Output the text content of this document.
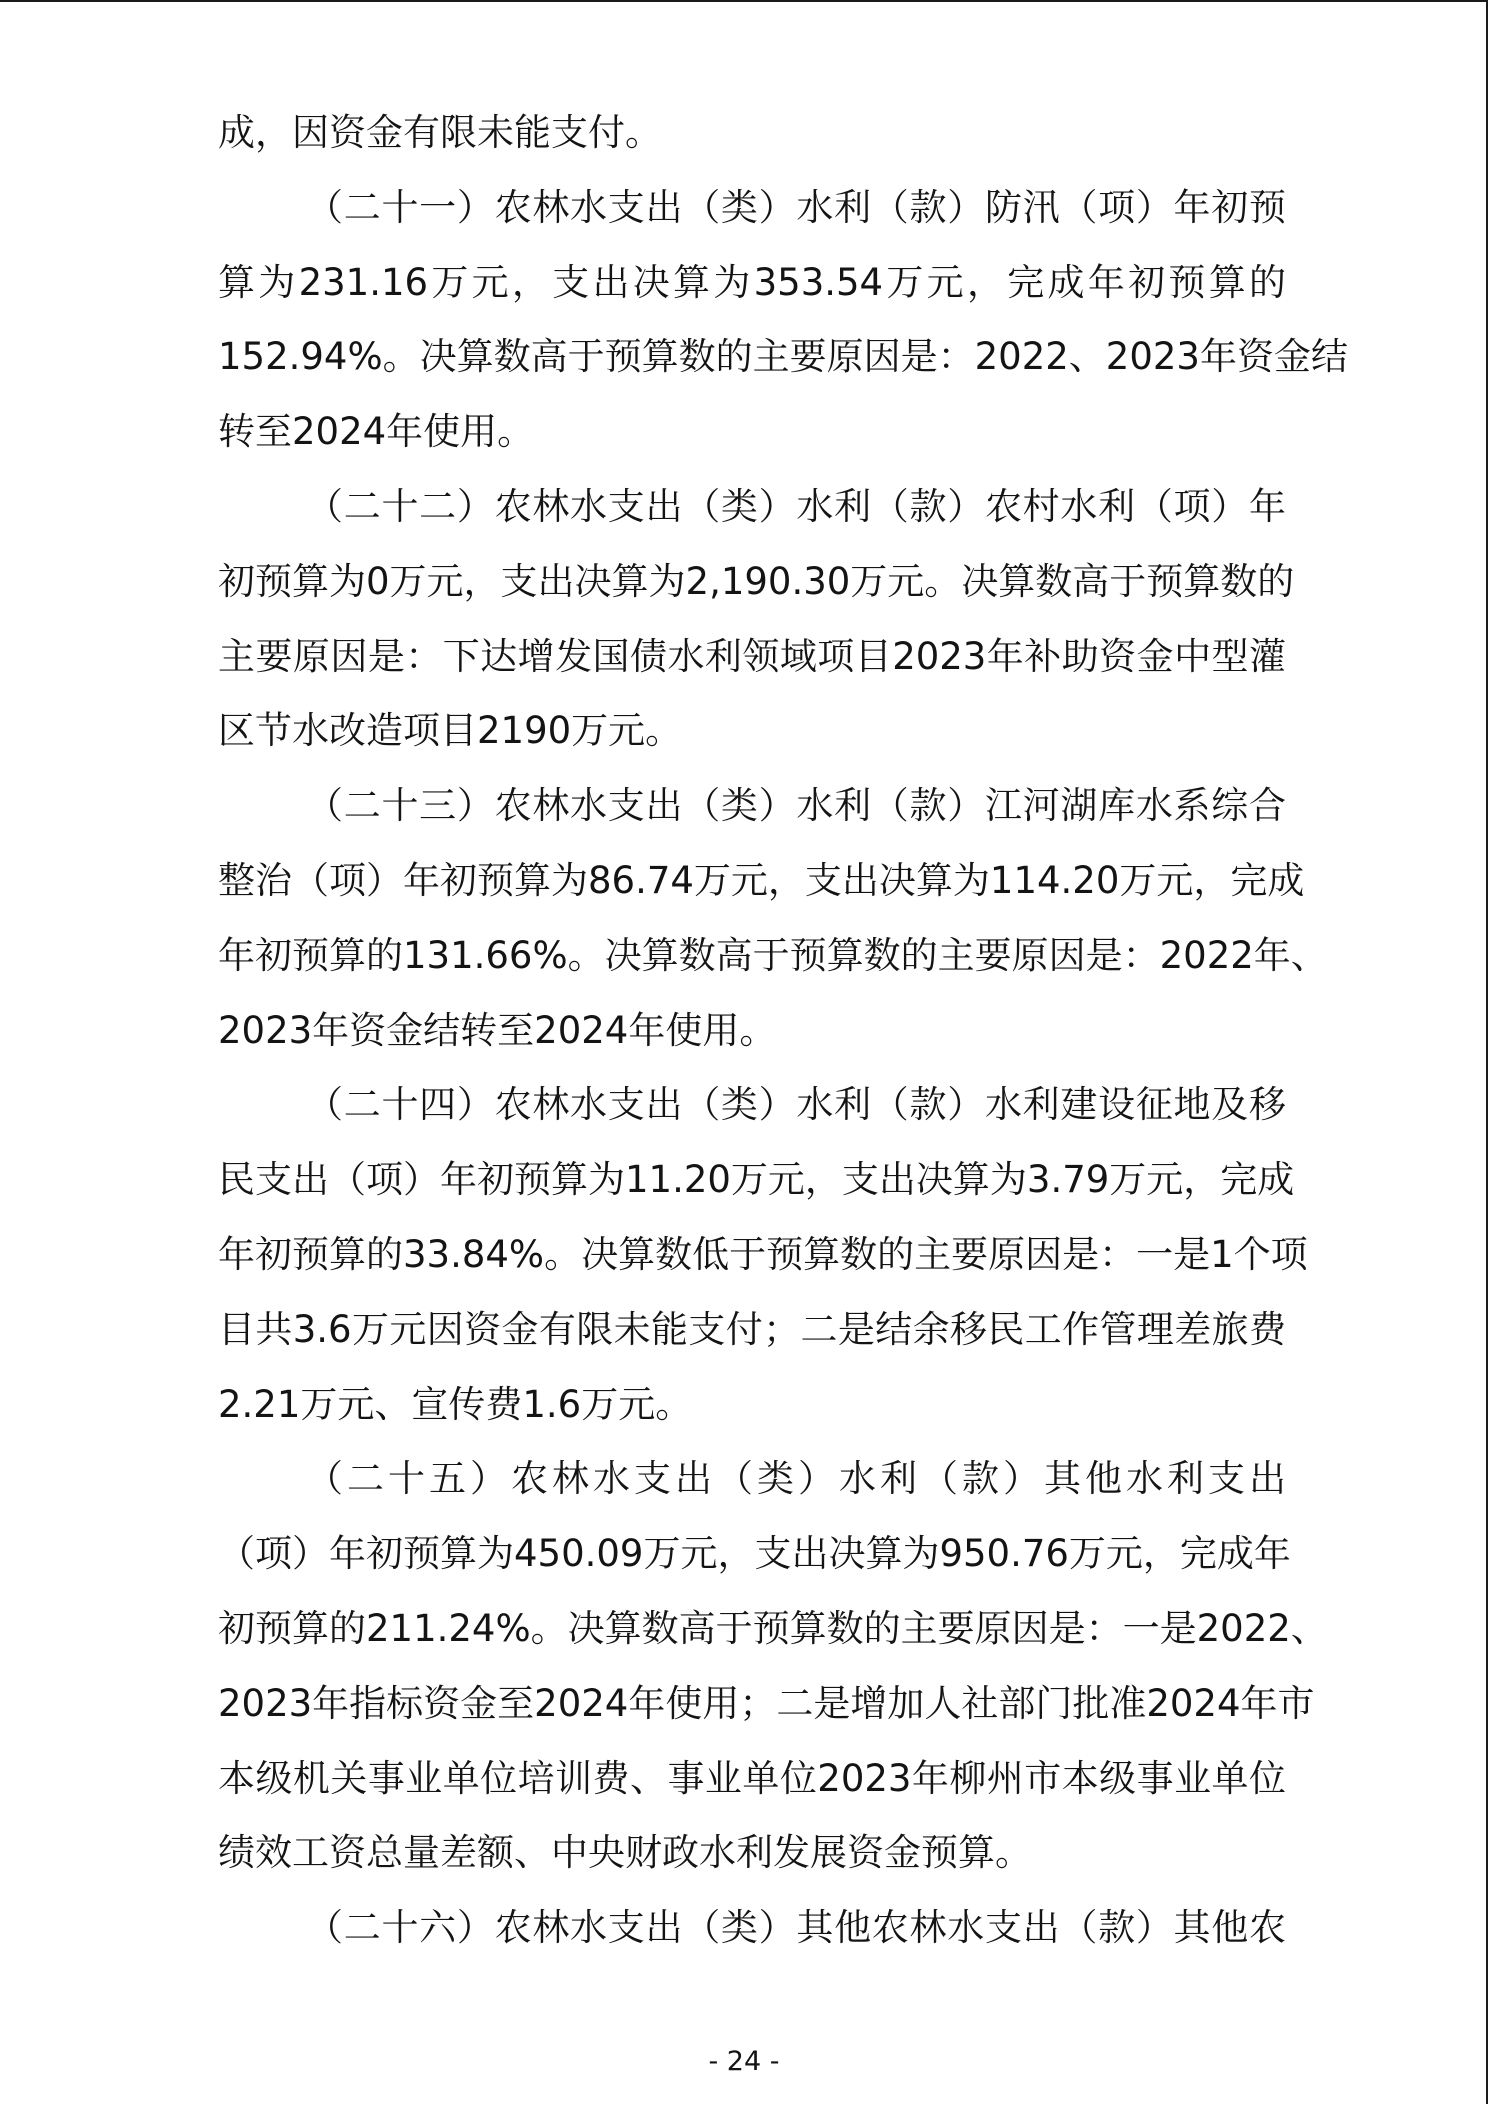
成，因资金有限未能支付。
（二十一）农林水支出（类）水利（款）防汛（项）年初预
算为231.16万元，支出决算为353.54万元，完成年初预算的
152.94%。决算数高于预算数的主要原因是：2022、2023年资金结
转至2024年使用。
（二十二）农林水支出（类）水利（款）农村水利（项）年
初预算为0万元，支出决算为2,190.30万元。决算数高于预算数的
主要原因是：下达增发国债水利领域项目2023年补助资金中型灌
区节水改造项目2190万元。
（二十三）农林水支出（类）水利（款）江河湖库水系综合
整治（项）年初预算为86.74万元，支出决算为114.20万元，完成
年初预算的131.66%。决算数高于预算数的主要原因是：2022年、
2023年资金结转至2024年使用。
（二十四）农林水支出（类）水利（款）水利建设征地及移
民支出（项）年初预算为11.20万元，支出决算为3.79万元，完成
年初预算的33.84%。决算数低于预算数的主要原因是：一是1个项
目共3.6万元因资金有限未能支付；二是结余移民工作管理差旅费
2.21万元、宣传费1.6万元。
（二十五）农林水支出（类）水利（款）其他水利支出
（项）年初预算为450.09万元，支出决算为950.76万元，完成年
初预算的211.24%。决算数高于预算数的主要原因是：一是2022、
2023年指标资金至2024年使用；二是增加人社部门批准2024年市
本级机关事业单位培训费、事业单位2023年柳州市本级事业单位
绩效工资总量差额、中央财政水利发展资金预算。
（二十六）农林水支出（类）其他农林水支出（款）其他农
- 24 -
